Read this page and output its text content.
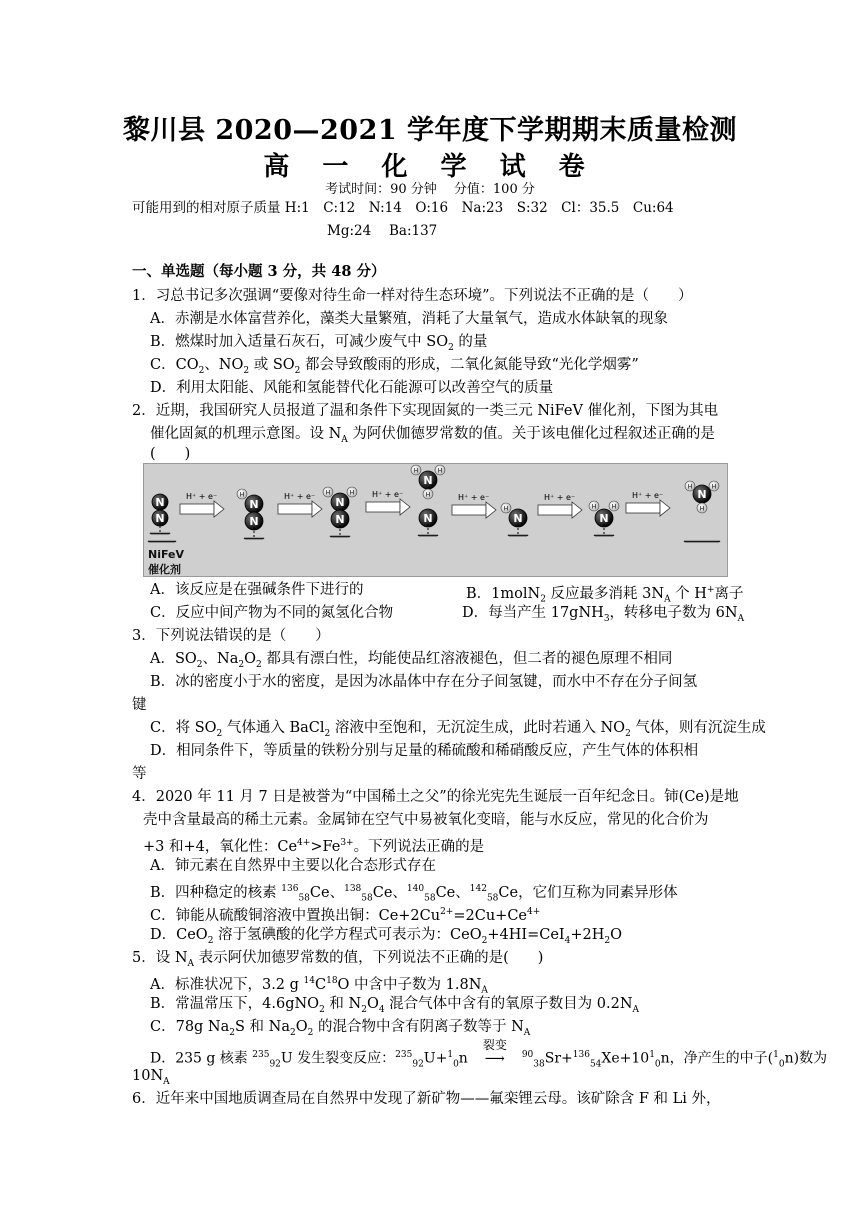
黎川县 2020—2021 学年度下学期期末质量检测
高 一 化 学 试 卷
考试时间：90 分钟　 分值：100 分
可能用到的相对原子质量 H:1　C:12　N:14　O:16　Na:23　S:32　Cl：35.5　Cu:64
Mg:24　 Ba:137
一、单选题（每小题 3 分，共 48 分）
1．习总书记多次强调“要像对待生命一样对待生态环境”。下列说法不正确的是（　　）
A．赤潮是水体富营养化，藻类大量繁殖，消耗了大量氧气，造成水体缺氧的现象
B．燃煤时加入适量石灰石，可减少废气中 $SO_2$ 的量
C．$CO_2$、$NO_2$ 或 $SO_2$ 都会导致酸雨的形成，二氧化氮能导致“光化学烟雾”
D．利用太阳能、风能和氢能替代化石能源可以改善空气的质量
2．近期，我国研究人员报道了温和条件下实现固氮的一类三元 NiFeV 催化剂，下图为其电
催化固氮的机理示意图。设 $N_A$ 为阿伏伽德罗常数的值。关于该电催化过程叙述正确的是
(　　)
N
N
N
N
H
N
N
H	H
N
H	H
H
N	N
H
N
H	H
N
H	H
H
H⁺ + e⁻	H⁺ + e⁻	H⁺ + e⁻	H⁺ + e⁻	H⁺ + e⁻	H⁺ + e⁻
NiFeV
催化剂
A．该反应是在强碱条件下进行的	B．1molN$_2$ 反应最多消耗 $3N_A$ 个 H+离子
C．反应中间产物为不同的氮氢化合物	D．每当产生 17gNH$_3$，转移电子数为 $6N_A$
3．下列说法错误的是（　　）
A．$SO_2$、$Na_2O_2$ 都具有漂白性，均能使品红溶液褪色，但二者的褪色原理不相同
B．冰的密度小于水的密度，是因为冰晶体中存在分子间氢键，而水中不存在分子间氢
键
C．将 $SO_2$ 气体通入 BaCl$_2$ 溶液中至饱和，无沉淀生成，此时若通入 $NO_2$ 气体，则有沉淀生成
D．相同条件下，等质量的铁粉分别与足量的稀硫酸和稀硝酸反应，产生气体的体积相
等
4．2020 年 11 月 7 日是被誉为“中国稀土之父”的徐光宪先生诞辰一百年纪念日。铈(Ce)是地
壳中含量最高的稀土元素。金属铈在空气中易被氧化变暗，能与水反应，常见的化合价为
+3 和+4，氧化性：$Ce^{4+}>Fe^{3+}$。下列说法正确的是
A．铈元素在自然界中主要以化合态形式存在
B．四种稳定的核素 $^{136}_{58}$Ce、$^{138}_{58}$Ce、$^{140}_{58}$Ce、$^{142}_{58}$Ce，它们互称为同素异形体
C．铈能从硫酸铜溶液中置换出铜：$Ce+2Cu^{2+}=2Cu+Ce^{4+}$
D．CeO$_2$ 溶于氢碘酸的化学方程式可表示为：$CeO_2+4HI=CeI_4+2H_2O$
5．设 $N_A$ 表示阿伏加德罗常数的值，下列说法不正确的是(　　)
A．标准状况下，3.2 g $^{14}C^{18}O$ 中含中子数为 $1.8N_A$
B．常温常压下，4.6gNO$_2$ 和 $N_2O_4$ 混合气体中含有的氧原子数目为 $0.2N_A$
C．78g $Na_2S$ 和 $Na_2O_2$ 的混合物中含有阴离子数等于 $N_A$
D．235 g 核素 $^{235}_{92}$U 发生裂变反应：$^{235}_{92}$U+$^1_0$n
裂变
⟶ $^{90}_{38}Sr+^{136}_{54}Xe+10^1_0n$，净产生的中子($^1_0$n)数为
$10N_A$
6．近年来中国地质调查局在自然界中发现了新矿物——氟栾锂云母。该矿除含 F 和 Li 外，
